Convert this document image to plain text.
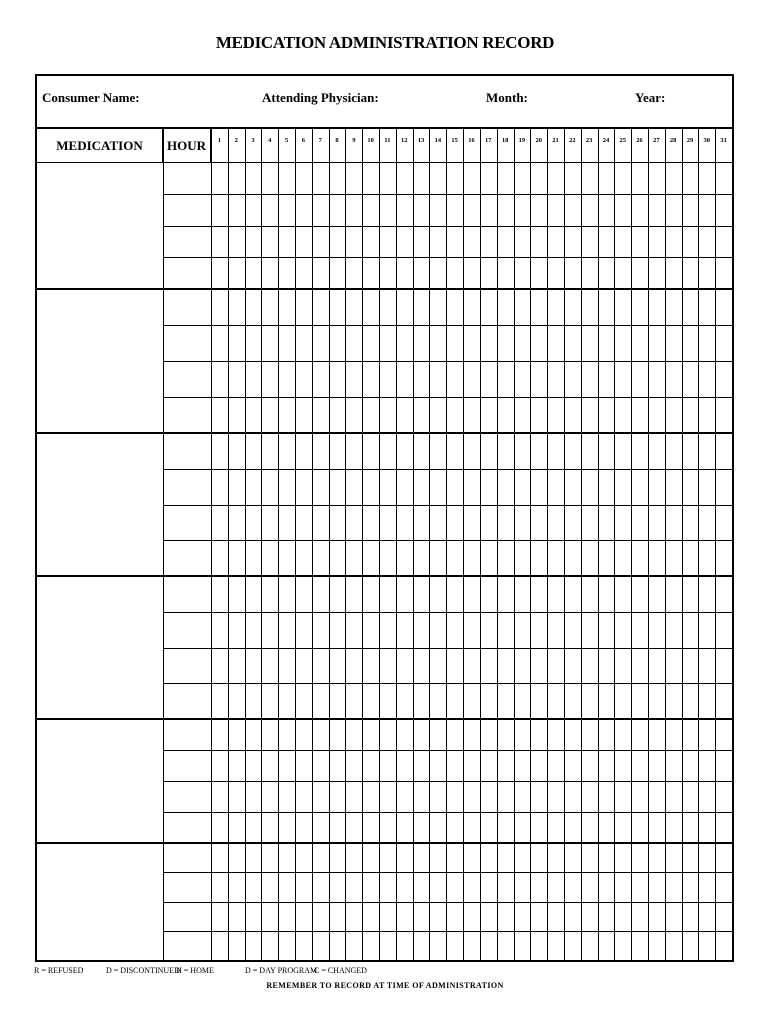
MEDICATION ADMINISTRATION RECORD
Consumer Name:	Attending Physician:	Month:	Year:
MEDICATION	HOUR	1	2	3	4	5	6	7	8	9	10	11	12	13	14	15	16	17	18	19	20	21	22	23	24	25	26	27	28	29	30	31
R = REFUSED	D = DISCONTINUED
H = HOME	D = DAY PROGRAM
C = CHANGED
REMEMBER TO RECORD AT TIME OF ADMINISTRATION
